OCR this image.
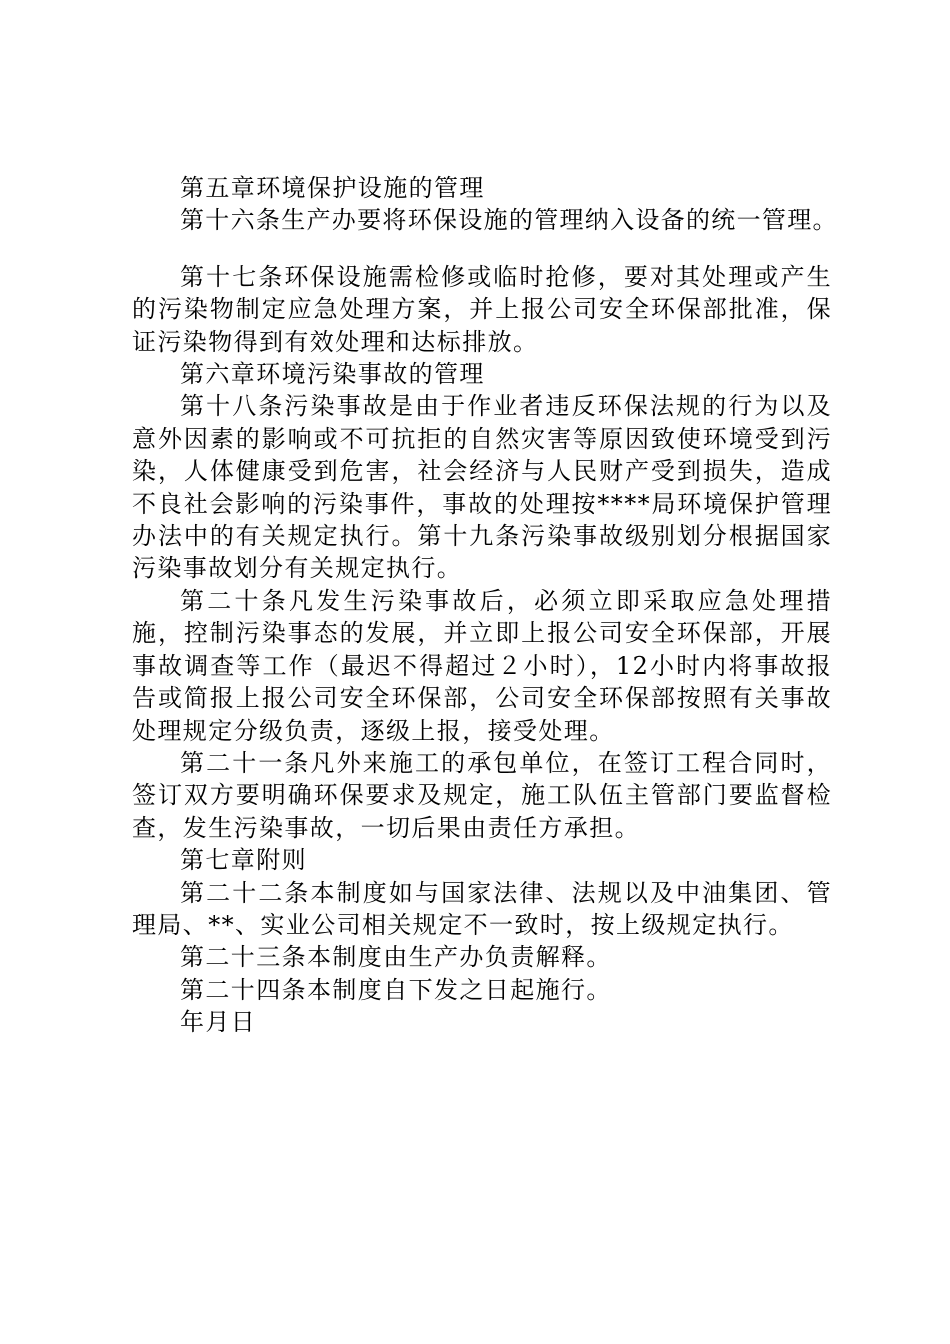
第五章环境保护设施的管理

第十六条生产办要将环保设施的管理纳入设备的统一管理。

第十七条环保设施需检修或临时抢修，要对其处理或产生的污染物制定应急处理方案，并上报公司安全环保部批准，保证污染物得到有效处理和达标排放。

第六章环境污染事故的管理

第十八条污染事故是由于作业者违反环保法规的行为以及意外因素的影响或不可抗拒的自然灾害等原因致使环境受到污染，人体健康受到危害，社会经济与人民财产受到损失，造成不良社会影响的污染事件，事故的处理按****局环境保护管理办法中的有关规定执行。第十九条污染事故级别划分根据国家污染事故划分有关规定执行。

第二十条凡发生污染事故后，必须立即采取应急处理措施，控制污染事态的发展，并立即上报公司安全环保部，开展事故调查等工作（最迟不得超过２小时），12小时内将事故报告或简报上报公司安全环保部，公司安全环保部按照有关事故处理规定分级负责，逐级上报，接受处理。

第二十一条凡外来施工的承包单位，在签订工程合同时，签订双方要明确环保要求及规定，施工队伍主管部门要监督检查，发生污染事故，一切后果由责任方承担。

第七章附则

第二十二条本制度如与国家法律、法规以及中油集团、管理局、**、实业公司相关规定不一致时，按上级规定执行。

第二十三条本制度由生产办负责解释。

第二十四条本制度自下发之日起施行。

年月日
